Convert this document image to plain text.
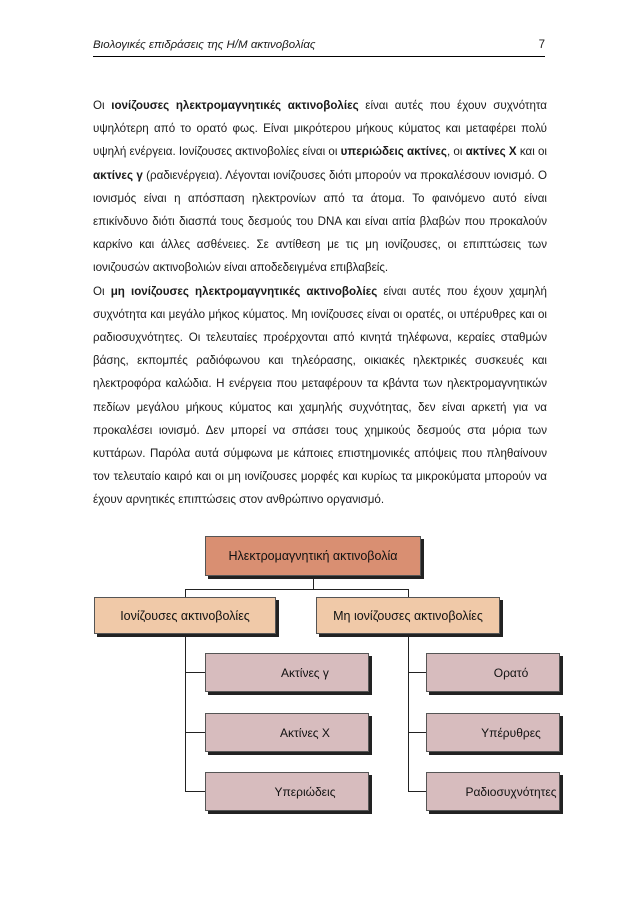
Βιολογικές επιδράσεις της Η/Μ ακτινοβολίας	7

Οι ιονίζουσες ηλεκτρομαγνητικές ακτινοβολίες είναι αυτές που έχουν συχνότητα υψηλότερη από το ορατό φως. Είναι μικρότερου μήκους κύματος και μεταφέρει πολύ υψηλή ενέργεια. Ιονίζουσες ακτινοβολίες είναι οι υπεριώδεις ακτίνες, οι ακτίνες Χ και οι ακτίνες γ (ραδιενέργεια). Λέγονται ιονίζουσες διότι μπορούν να προκαλέσουν ιονισμό. Ο ιονισμός είναι η απόσπαση ηλεκτρονίων από τα άτομα. Το φαινόμενο αυτό είναι επικίνδυνο διότι διασπά τους δεσμούς του DNA και είναι αιτία βλαβών που προκαλούν καρκίνο και άλλες ασθένειες. Σε αντίθεση με τις μη ιονίζουσες, οι επιπτώσεις των ιονιζουσών ακτινοβολιών είναι αποδεδειγμένα επιβλαβείς.

Οι μη ιονίζουσες ηλεκτρομαγνητικές ακτινοβολίες είναι αυτές που έχουν χαμηλή συχνότητα και μεγάλο μήκος κύματος. Μη ιονίζουσες είναι οι ορατές, οι υπέρυθρες και οι ραδιοσυχνότητες. Οι τελευταίες προέρχονται από κινητά τηλέφωνα, κεραίες σταθμών βάσης, εκπομπές ραδιόφωνου και τηλεόρασης, οικιακές ηλεκτρικές συσκευές και ηλεκτροφόρα καλώδια. Η ενέργεια που μεταφέρουν τα κβάντα των ηλεκτρομαγνητικών πεδίων μεγάλου μήκους κύματος και χαμηλής συχνότητας, δεν είναι αρκετή για να προκαλέσει ιονισμό. Δεν μπορεί να σπάσει τους χημικούς δεσμούς στα μόρια των κυττάρων. Παρόλα αυτά σύμφωνα με κάποιες επιστημονικές απόψεις που πληθαίνουν τον τελευταίο καιρό και οι μη ιονίζουσες μορφές και κυρίως τα μικροκύματα μπορούν να έχουν αρνητικές επιπτώσεις στον ανθρώπινο οργανισμό.

Ηλεκτρομαγνητική ακτινοβολία
Ιονίζουσες ακτινοβολίες	Μη ιονίζουσες ακτινοβολίες
Ακτίνες γ
Ακτίνες Χ
Υπεριώδεις
Ορατό
Υπέρυθρες
Ραδιοσυχνότητες
